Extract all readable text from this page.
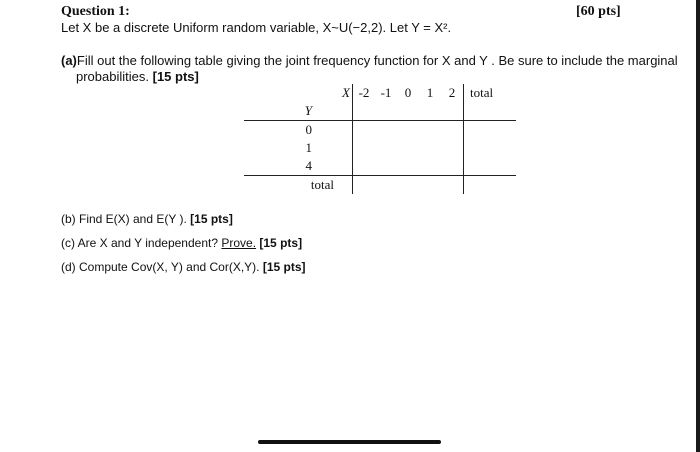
Question 1:	[60 pts]
Let X be a discrete Uniform random variable, X~U(−2,2). Let Y = X².
(a)Fill out the following table giving the joint frequency function for X and Y . Be sure to include the marginal
probabilities. [15 pts]
X	-2	-1	0	1	2	total
Y						
0						
1						
4						
total						
(b) Find E(X) and E(Y ). [15 pts]
(c) Are X and Y independent? Prove. [15 pts]
(d) Compute Cov(X, Y) and Cor(X,Y). [15 pts]
